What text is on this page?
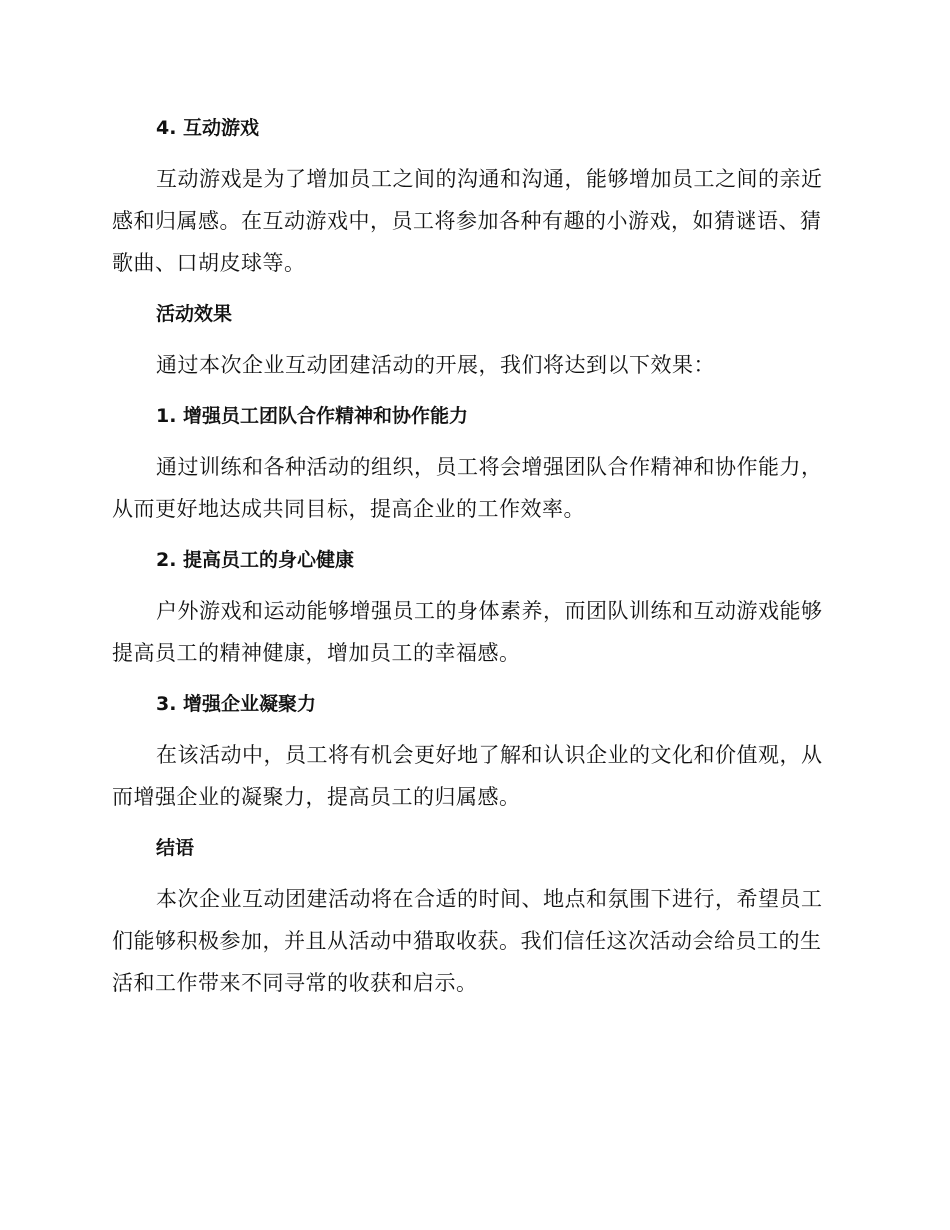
4. 互动游戏

互动游戏是为了增加员工之间的沟通和沟通，能够增加员工之间的亲近感和归属感。在互动游戏中，员工将参加各种有趣的小游戏，如猜谜语、猜歌曲、口胡皮球等。

活动效果

通过本次企业互动团建活动的开展，我们将达到以下效果：

1. 增强员工团队合作精神和协作能力

通过训练和各种活动的组织，员工将会增强团队合作精神和协作能力，从而更好地达成共同目标，提高企业的工作效率。

2. 提高员工的身心健康

户外游戏和运动能够增强员工的身体素养，而团队训练和互动游戏能够提高员工的精神健康，增加员工的幸福感。

3. 增强企业凝聚力

在该活动中，员工将有机会更好地了解和认识企业的文化和价值观，从而增强企业的凝聚力，提高员工的归属感。

结语

本次企业互动团建活动将在合适的时间、地点和氛围下进行，希望员工们能够积极参加，并且从活动中猎取收获。我们信任这次活动会给员工的生活和工作带来不同寻常的收获和启示。
